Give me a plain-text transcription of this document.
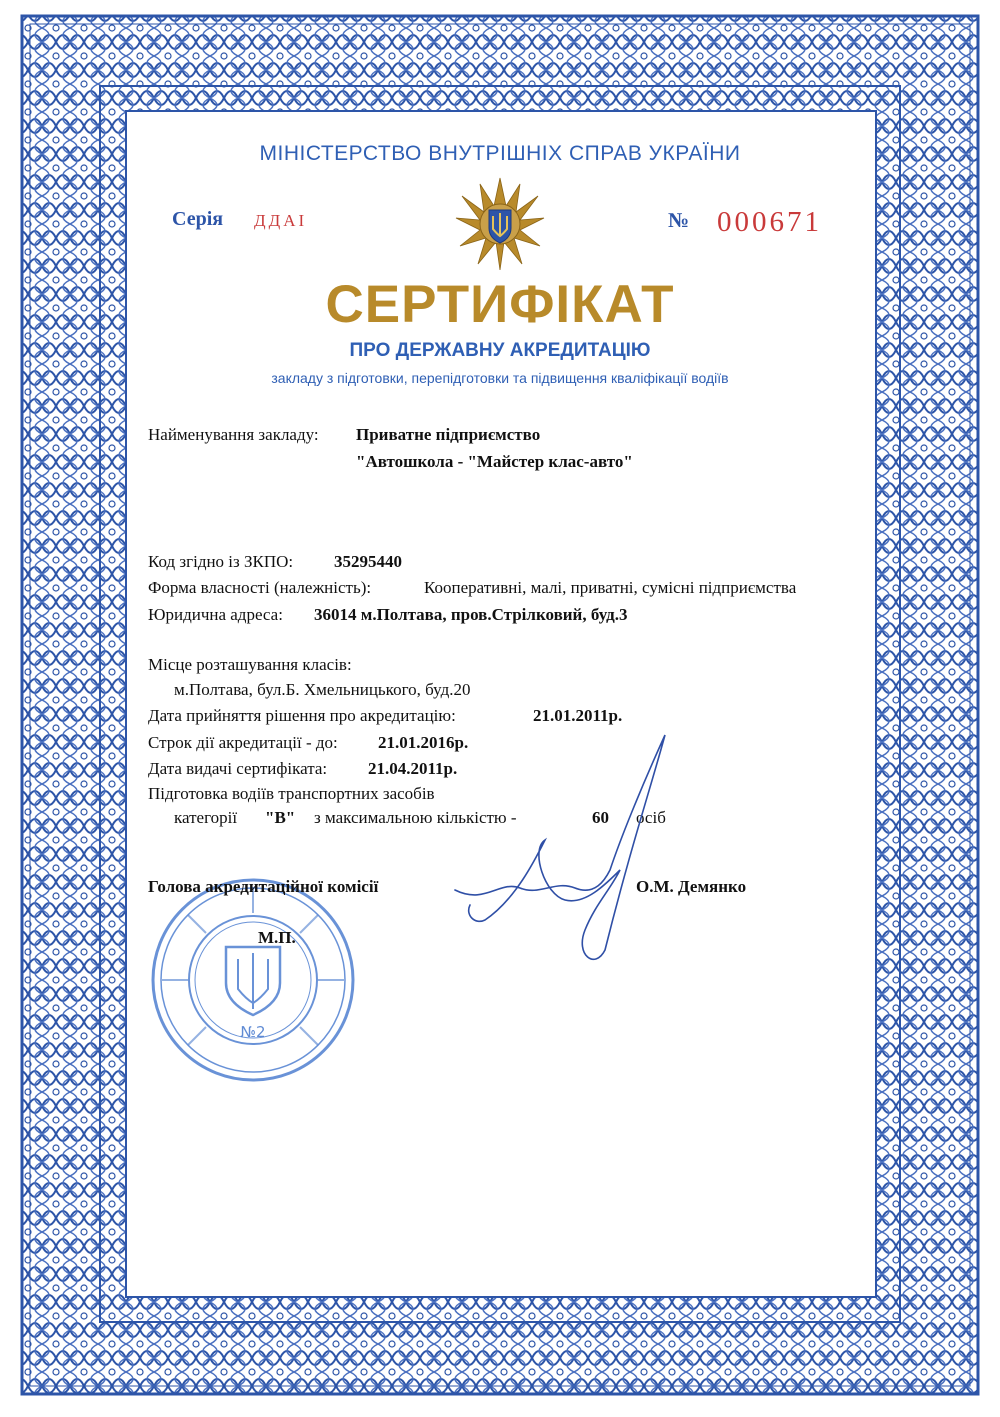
МІНІСТЕРСТВО ВНУТРІШНІХ СПРАВ УКРАЇНИ
Серія ДДАІ	№ 000671
СЕРТИФІКАТ
ПРО ДЕРЖАВНУ АКРЕДИТАЦІЮ
закладу з підготовки, перепідготовки та підвищення кваліфікації водіїв
Найменування закладу: Приватне підприємство
"Автошкола - "Майстер клас-авто"
Код згідно із ЗКПО: 35295440
Форма власності (належність):	Кооперативні, малі, приватні, сумісні підприємства
Юридична адреса: 36014 м.Полтава, пров.Стрілковий, буд.3
Місце розташування класів:
м.Полтава, бул.Б. Хмельницького, буд.20
Дата прийняття рішення про акредитацію:	21.01.2011р.
Строк дії акредитації - до: 21.01.2016р.
Дата видачі сертифіката: 21.04.2011р.
Підготовка водіїв транспортних засобів
категорії "В" з максимальною кількістю -	60 осіб
№2
Голова акредитаційної комісії	О.М. Демянко
М.П.
